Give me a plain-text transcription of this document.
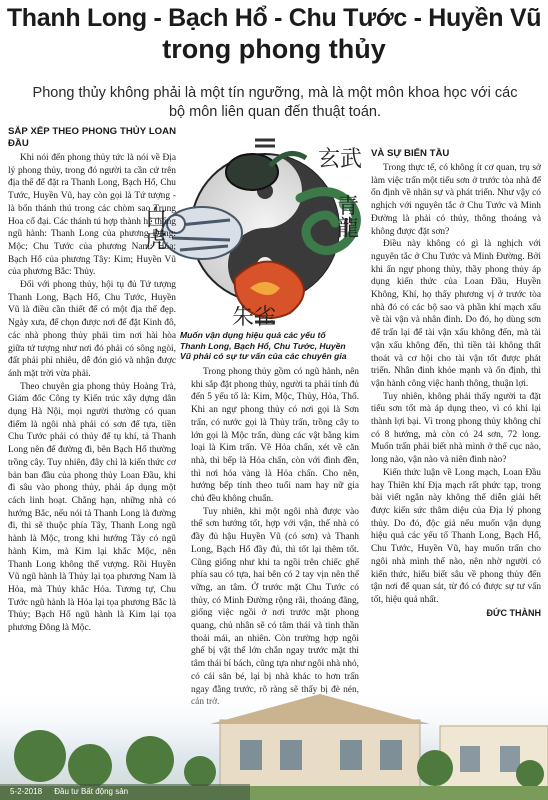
Thanh Long - Bạch Hổ - Chu Tước - Huyền Vũ
trong phong thủy
Phong thủy không phải là một tín ngưỡng, mà là một môn khoa học với các bộ môn liên quan đến thuật toán.
玄武
青龍
白虎
朱雀
Muốn vận dụng hiệu quả các yếu tố Thanh Long, Bạch Hổ, Chu Tước, Huyền Vũ phải có sự tư vấn của các chuyên gia

SẮP XẾP THEO PHONG THỦY LOAN ĐẦU

Khi nói đến phong thủy tức là nói về Địa lý phong thủy, trong đó người ta cần cứ trên địa thế để đặt ra Thanh Long, Bạch Hổ, Chu Tước, Huyền Vũ, hay còn gọi là Tứ tượng - là bốn thánh thú trong các chòm sao Trung Hoa cổ đại. Các thánh tú hợp thành hệ thống ngũ hành: Thanh Long của phương Đông: Mộc; Chu Tước của phương Nam: Hỏa; Bạch Hổ của phương Tây: Kim; Huyền Vũ của phương Bắc: Thủy.

Đối với phong thủy, hội tụ đủ Tứ tượng Thanh Long, Bạch Hổ, Chu Tước, Huyền Vũ là điều cần thiết để có một địa thế đẹp. Ngày xưa, để chọn được nơi để đặt Kinh đô, các nhà phong thủy phải tìm nơi hài hòa giữa tứ tượng như nơi đó phải có sông ngòi, đất phải phì nhiêu, dễ đón gió và nhận được ánh mặt trời vừa phải.

Theo chuyên gia phong thủy Hoàng Trà, Giám đốc Công ty Kiến trúc xây dựng dân dụng Hà Nội, mọi người thường có quan điểm là ngôi nhà phải có sơn để tựa, tiền Chu Tước phải có thủy để tụ khí, tả Thanh Long nên để đường đi, bên Bạch Hổ thường trồng cây. Tuy nhiên, đây chỉ là kiến thức cơ bản ban đầu của phong thủy Loan Đầu, khi đi sâu vào phong thủy, phải áp dụng một cách linh hoạt. Chẳng hạn, những nhà có hướng Bắc, nếu nói tả Thanh Long là đường đi, thì sẽ thuộc phía Tây, Thanh Long ngũ hành là Mộc, trong khi hướng Tây có ngũ hành Kim, mà Kim lại khắc Mộc, nên Thanh Long không thể vượng. Rồi Huyền Vũ ngũ hành là Thủy lại tọa phương Nam là Hỏa, mà Thủy khắc Hỏa. Tương tự, Chu Tước ngũ hành là Hỏa lại tọa phương Bắc là Thủy; Bạch Hổ ngũ hành là Kim lại tọa phương Đông là Mộc.

Trong phong thủy gồm có ngũ hành, nên khi sắp đặt phong thủy, người ta phải tính đủ đến 5 yếu tố là: Kim, Mộc, Thủy, Hỏa, Thổ. Khi an ngự phong thủy có nơi gọi là Sơn trấn, có nước gọi là Thủy trấn, trồng cây to lớn gọi là Mộc trấn, dùng các vật bằng kim loại là Kim trấn. Về Hỏa chấn, xét về căn nhà, thì bếp là Hỏa chấn, còn với đình đền, thì nơi hóa vàng là Hỏa chấn. Cho nên, hướng bếp tính theo tuổi nam hay nữ gia chủ đều không chuẩn.

Tuy nhiên, khi một ngôi nhà được vào thế sơn hướng tốt, hợp với vận, thế nhà có đầy đủ hậu Huyền Vũ (có sơn) và Thanh Long, Bạch Hổ đầy đủ, thì tốt lại thêm tốt. Cũng giống như khi ta ngồi trên chiếc ghế phía sau có tựa, hai bên có 2 tay vịn nên thế vững, an tâm. Ở trước mặt Chu Tước có thủy, có Minh Đường rộng rãi, thoáng đãng, giống việc ngồi ở nơi trước mặt phong quang, chủ nhân sẽ có tâm thái và tinh thần thoải mái, an nhiên. Còn trường hợp ngôi ghế bị vật thể lớn chắn ngay trước mặt thì tâm thái bí bách, cũng tựa như ngôi nhà nhỏ, có cái sân bé, lại bị nhà khác to hơn trấn

VÀ SỰ BIẾN TẦU

Trong thực tế, có không ít cơ quan, trụ sở làm việc trấn một tiểu sơn ở trước tòa nhà để ổn định về nhân sự và phát triển. Như vậy có nghịch với nguyên tắc ở Chu Tước và Minh Đường là phải có thủy, thông thoáng và không được đặt sơn?

Điều này không có gì là nghịch với nguyên tắc ở Chu Tước và Minh Đường. Bởi khi ấn ngự phong thủy, thầy phong thủy áp dụng kiến thức của Loan Đầu, Huyền Không, Khí, họ thấy phương vị ở trước tòa nhà đó có các bộ sao và phần khí mạch xấu về tài vận và nhân đinh. Do đó, họ dùng sơn để trấn lại để tài vận xấu không đến, mà tài vận xấu không đến, thì tiền tài không thất thoát và cơ hội cho tài vận tốt được phát triển. Nhân đinh khỏe mạnh và ổn định, thì vận hành công việc hanh thông, thuận lợi.

Tuy nhiên, không phải thấy người ta đặt tiểu sơn tốt mà áp dụng theo, vì có khi lại thành lợi bại. Vì trong phong thủy không chỉ có 8 hướng, mà còn có 24 sơn, 72 long. Muốn trấn phải biết nhà mình ở thế cục nào, long nào, vận nào và niên đinh nào?

Kiến thức luận về Long mạch, Loan Đầu hay Thiên khí Địa mạch rất phức tạp, trong bài viết ngắn này không thể diễn giải hết được kiến sức thâm diệu của Địa lý phong thủy. Do đó, độc giả nếu muốn vận dụng hiệu quả các yếu tố Thanh Long, Bạch Hổ, Chu Tước, Huyền Vũ, hay muốn trấn cho ngôi nhà mình thế nào, nên nhờ người có kiến thức, hiểu biết sâu về phong thủy đến tận nơi để quan sát, từ đó có được sự tư vấn tốt, hiệu quả nhất.

ĐỨC THÀNH

5-2-2018 Đầu tư Bất động sản
